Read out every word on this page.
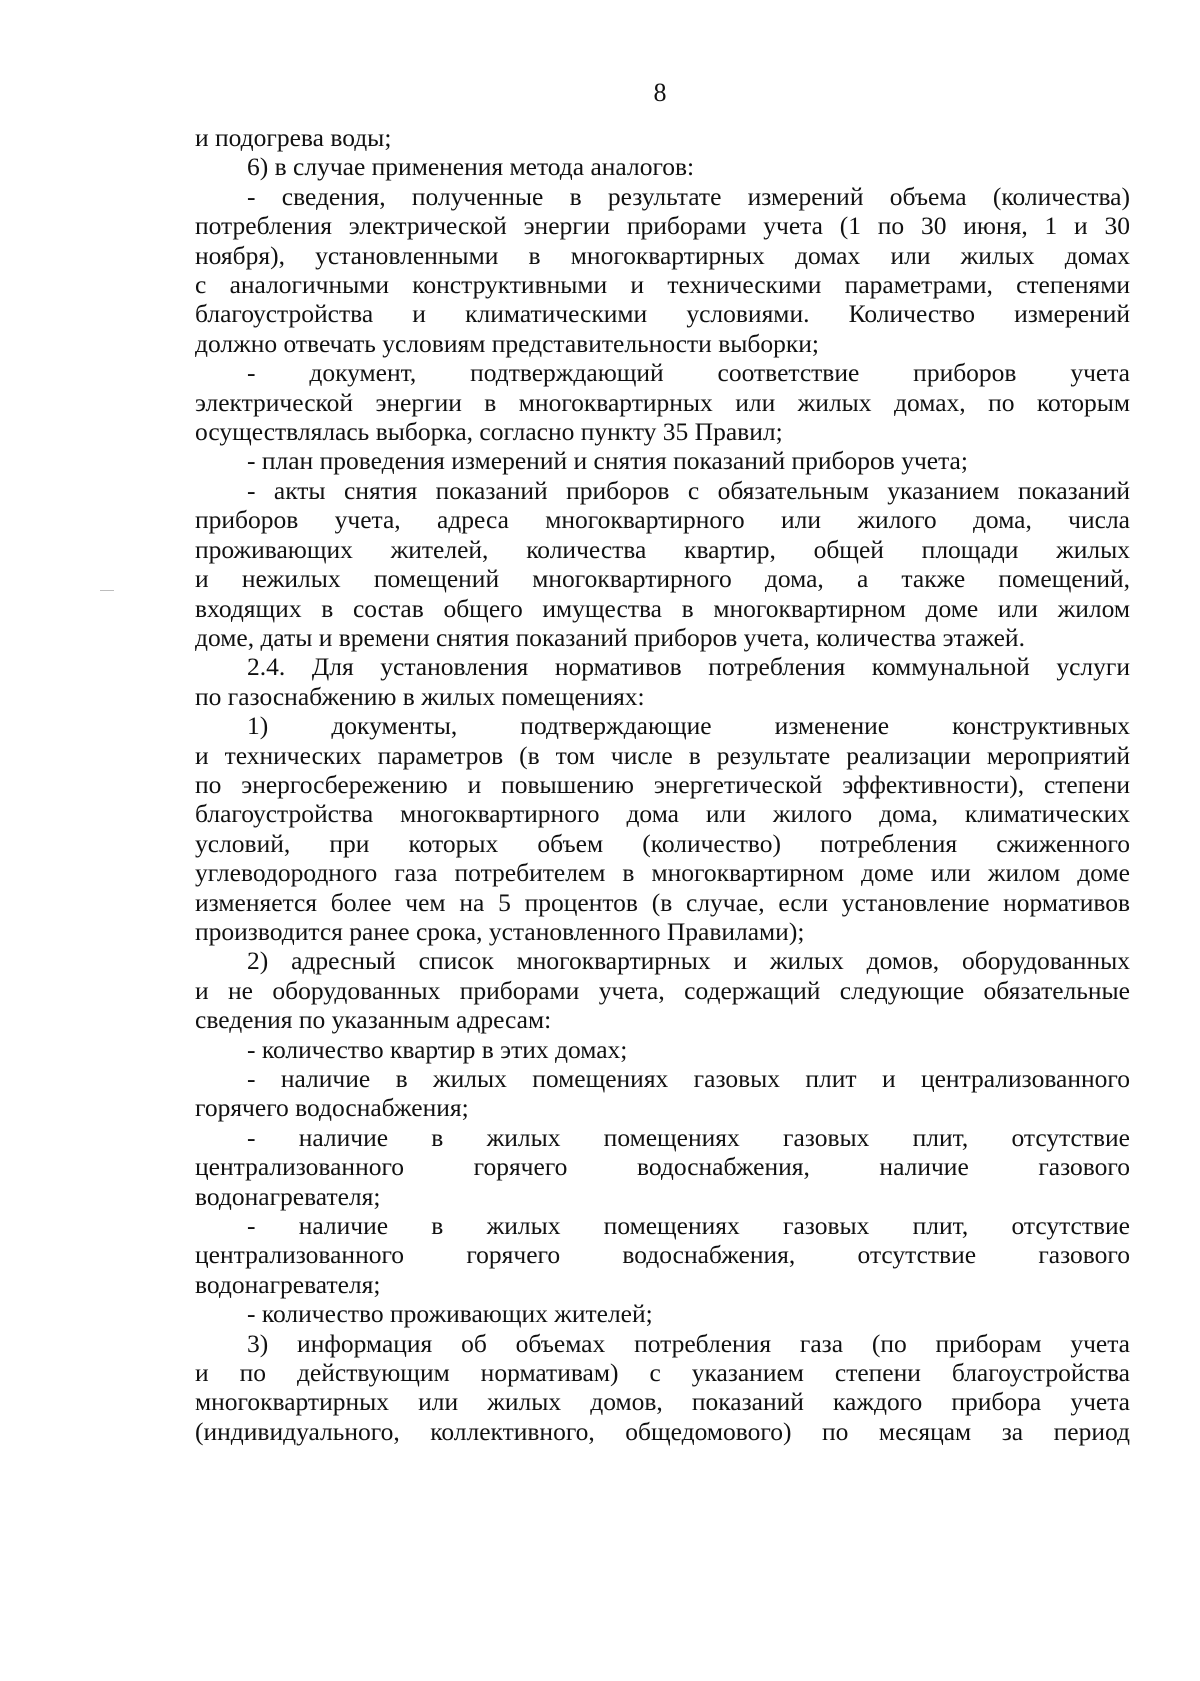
8
и подогрева воды;
6) в случае применения метода аналогов:
- сведения, полученные в результате измерений объема (количества)
потребления электрической энергии приборами учета (1 по 30 июня, 1 и 30
ноября), установленными в многоквартирных домах или жилых домах
с аналогичными конструктивными и техническими параметрами, степенями
благоустройства и климатическими условиями. Количество измерений
должно отвечать условиям представительности выборки;
- документ, подтверждающий соответствие приборов учета
электрической энергии в многоквартирных или жилых домах, по которым
осуществлялась выборка, согласно пункту 35 Правил;
- план проведения измерений и снятия показаний приборов учета;
- акты снятия показаний приборов с обязательным указанием показаний
приборов учета, адреса многоквартирного или жилого дома, числа
проживающих жителей, количества квартир, общей площади жилых
и нежилых помещений многоквартирного дома, а также помещений,
входящих в состав общего имущества в многоквартирном доме или жилом
доме, даты и времени снятия показаний приборов учета, количества этажей.
2.4. Для установления нормативов потребления коммунальной услуги
по газоснабжению в жилых помещениях:
1) документы, подтверждающие изменение конструктивных
и технических параметров (в том числе в результате реализации мероприятий
по энергосбережению и повышению энергетической эффективности), степени
благоустройства многоквартирного дома или жилого дома, климатических
условий, при которых объем (количество) потребления сжиженного
углеводородного газа потребителем в многоквартирном доме или жилом доме
изменяется более чем на 5 процентов (в случае, если установление нормативов
производится ранее срока, установленного Правилами);
2) адресный список многоквартирных и жилых домов, оборудованных
и не оборудованных приборами учета, содержащий следующие обязательные
сведения по указанным адресам:
- количество квартир в этих домах;
- наличие в жилых помещениях газовых плит и централизованного
горячего водоснабжения;
- наличие в жилых помещениях газовых плит, отсутствие
централизованного горячего водоснабжения, наличие газового
водонагревателя;
- наличие в жилых помещениях газовых плит, отсутствие
централизованного горячего водоснабжения, отсутствие газового
водонагревателя;
- количество проживающих жителей;
3) информация об объемах потребления газа (по приборам учета
и по действующим нормативам) с указанием степени благоустройства
многоквартирных или жилых домов, показаний каждого прибора учета
(индивидуального, коллективного, общедомового) по месяцам за период
